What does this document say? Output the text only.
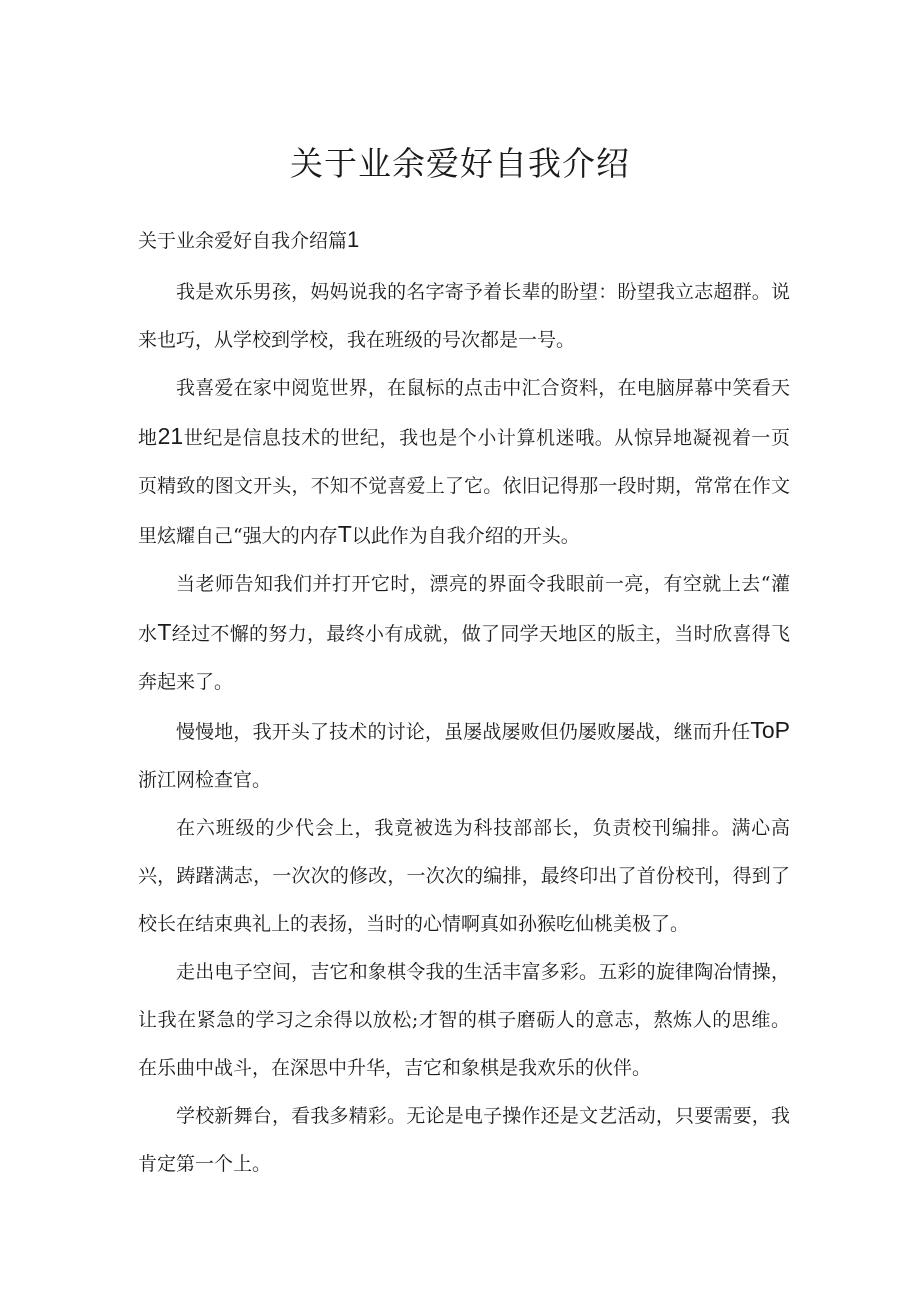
关于业余爱好自我介绍
关于业余爱好自我介绍篇1

我是欢乐男孩，妈妈说我的名字寄予着长辈的盼望：盼望我立志超群。说来也巧，从学校到学校，我在班级的号次都是一号。

我喜爱在家中阅览世界，在鼠标的点击中汇合资料，在电脑屏幕中笑看天地21世纪是信息技术的世纪，我也是个小计算机迷哦。从惊异地凝视着一页页精致的图文开头，不知不觉喜爱上了它。依旧记得那一段时期，常常在作文里炫耀自己“强大的内存T以此作为自我介绍的开头。

当老师告知我们并打开它时，漂亮的界面令我眼前一亮，有空就上去“灌水T经过不懈的努力，最终小有成就，做了同学天地区的版主，当时欣喜得飞奔起来了。

慢慢地，我开头了技术的讨论，虽屡战屡败但仍屡败屡战，继而升任ToP浙江网检查官。

在六班级的少代会上，我竟被选为科技部部长，负责校刊编排。满心高兴，踌躇满志，一次次的修改，一次次的编排，最终印出了首份校刊，得到了校长在结束典礼上的表扬，当时的心情啊真如孙猴吃仙桃美极了。

走出电子空间，吉它和象棋令我的生活丰富多彩。五彩的旋律陶冶情操，让我在紧急的学习之余得以放松;才智的棋子磨砺人的意志，熬炼人的思维。在乐曲中战斗，在深思中升华，吉它和象棋是我欢乐的伙伴。

学校新舞台，看我多精彩。无论是电子操作还是文艺活动，只要需要，我肯定第一个上。
